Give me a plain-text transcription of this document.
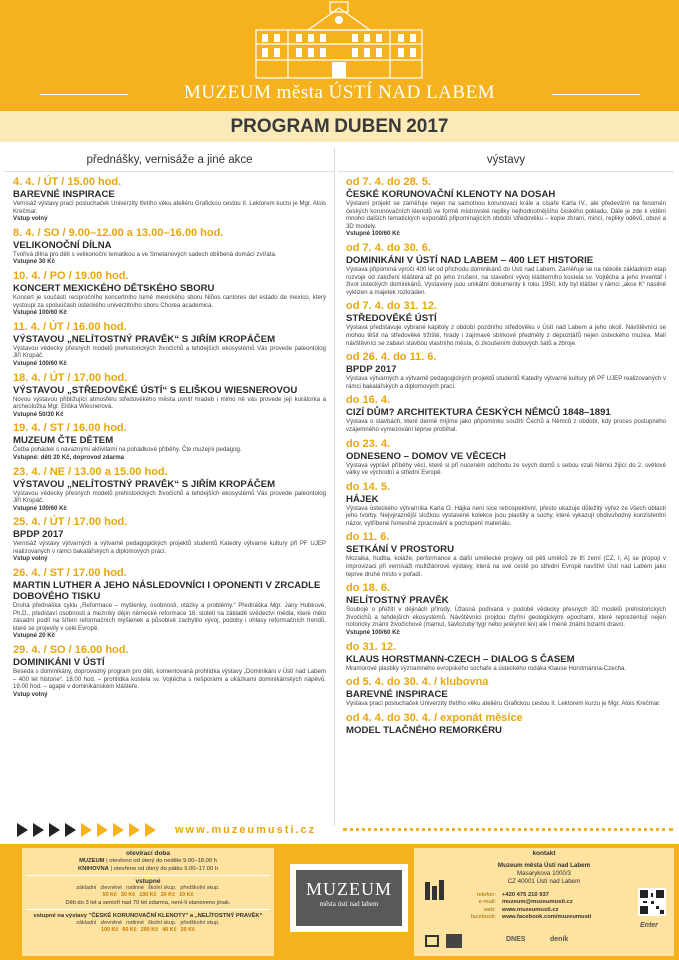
MUZEUM města ÚSTÍ NAD LABEM
PROGRAM DUBEN 2017
přednášky, vernisáže a jiné akce
4. 4. / ÚT / 15.00 hod.
BAREVNÉ INSPIRACE
Vernisáž výstavy prací posluchaček Univerzity třetího věku ateliéru Grafickou cestou II. Lektorem kurzu je Mgr. Alois Krečmar.
Vstup volný
8. 4. / SO / 9.00–12.00 a 13.00–16.00 hod.
VELIKONOČNÍ DÍLNA
Tvořivá dílna pro děti s velikonoční tematikou a ve Smetanových sadech oblíbená domácí zvířata.
Vstupné 30 Kč
10. 4. / PO / 19.00 hod.
KONCERT MEXICKÉHO DĚTSKÉHO SBORU
Koncert je součástí recipročního koncertního turné mexického sboru Niños cantores del estado de mexico, který vystoupí za spoluúčasti ústeckého univerzitního sboru Chorea academica.
Vstupné 100/60 Kč
11. 4. / ÚT / 16.00 hod.
VÝSTAVOU „NELÍTOSTNÝ PRAVĚK“ S JIŘÍM KROPÁČEM
Výstavou vědecky přesných modelů prehistorických živočichů a tehdejších ekosystémů Vás provede paleontolog Jiří Kropáč.
Vstupné 100/60 Kč
18. 4. / ÚT / 17.00 hod.
VÝSTAVOU „STŘEDOVĚKÉ ÚSTÍ“ S ELIŠKOU WIESNEROVOU
Novou výstavou přibližující atmosféru středověkého města uvnitř hradeb i mimo ně vás provede její kurátorka a archeoložka Mgr. Eliška Wiesnerová.
Vstupné 50/30 Kč
19. 4. / ST / 16.00 hod.
MUZEUM ČTE DĚTEM
Četba pohádek s návaznými aktivitami na pohádkové příběhy. Čte muzejní pedagog.
Vstupné: děti 20 Kč, doprovod zdarma
23. 4. / NE / 13.00 a 15.00 hod.
VÝSTAVOU „NELÍTOSTNÝ PRAVĚK“ S JIŘÍM KROPÁČEM
Výstavou vědecky přesných modelů prehistorických živočichů a tehdejších ekosystémů Vás provede paleontolog Jiří Kropáč.
Vstupné 100/60 Kč
25. 4. / ÚT / 17.00 hod.
BPDP 2017
Vernisáž výstavy výtvarných a výtvarně pedagogických projektů studentů Katedry výtvarné kultury při PF UJEP realizovaných v rámci bakalářských a diplomových prací.
Vstup volný
26. 4. / ST / 17.00 hod.
MARTIN LUTHER A JEHO NÁSLEDOVNÍCI I OPONENTI V ZRCADLE DOBOVÉHO TISKU
Druhá přednáška cyklu „Reformace – myšlenky, osobnosti, otázky a problémy.“ Přednáška Mgr. Jany Hubkové, Ph.D., představí osobnosti a mezníky dějin německé reformace 16. století na základě svědectví média, které mělo zásadní podíl na šíření reformačních myšlenek a působivě zachytilo vývoj, podoby i ohlasy reformačních trendů, které se projevily v celé Evropě.
Vstupné 20 Kč
29. 4. / SO / 16.00 hod.
DOMINIKÁNI V ÚSTÍ
Beseda s dominikány, doprovodný program pro děti, komentovaná prohlídka výstavy „Dominikáni v Ústí nad Labem – 400 let historie“. 18.00 hod. – prohlídka kostela sv. Vojtěcha s nešporami a ukázkami dominikánských nápěvů. 19.00 hod. – agapé v dominikánském klášteře.
Vstup volný
výstavy
od 7. 4. do 28. 5.
ČESKÉ KORUNOVAČNÍ KLENOTY NA DOSAH
Výstavní projekt se zaměřuje nejen na samotnou korunovaci krále a císaře Karla IV., ale především na fenomén českých korunovačních klenotů ve formě mistrovské repliky nejhodnotnějšího českého pokladu. Dále je zde k vidění mnoho dalších tematických exponátů připomínajících období středověku – kopie zbraní, mincí, repliky oděvů, obuvi a 3D modely.
Vstupné 100/60 Kč
od 7. 4. do 30. 6.
DOMINIKÁNI V ÚSTÍ NAD LABEM – 400 LET HISTORIE
Výstava připomíná výročí 400 let od příchodu dominikánů do Ústí nad Labem. Zaměřuje se na několik základních etap rozvoje od založení kláštera až po jeho zrušení, na stavební vývoj klášterního kostela sv. Vojtěcha a jeho inventář i život ústeckých dominikánů. Vystaveny jsou unikátní dokumenty k roku 1950, kdy byl klášter v rámci „akce K“ násilně vyklizen a majetek rozkraden.
od 7. 4. do 31. 12.
STŘEDOVĚKÉ ÚSTÍ
Výstava představuje vybrané kapitoly z období pozdního středověku v Ústí nad Labem a jeho okolí. Návštěvníci se mohou těšit na středověké tržiště, hrady i zajímavé sbírkové předměty z depozitářů nejen ústeckého muzea. Malí návštěvníci se zabaví stavbou vlastního města, či zkoušením dobových šatů a zbroje.
od 26. 4. do 11. 6.
BPDP 2017
Výstava výtvarných a výtvarně pedagogických projektů studentů Katedry výtvarné kultury při PF UJEP realizovaných v rámci bakalářských a diplomových prací.
do 16. 4.
CIZÍ DŮM? ARCHITEKTURA ČESKÝCH NĚMCŮ 1848–1891
Výstava o stavbách, které denně míjíme jako připomínku soužití Čechů a Němců z období, kdy proces postupného vzájemného vymezování teprve probíhal.
do 23. 4.
ODNESENO – DOMOV VE VĚCECH
Výstava vypráví příběhy věcí, které si při nuceném odchodu ze svých domů s sebou vzali Němci žijící do 2. světové války ve východní a střední Evropě.
do 14. 5.
HÁJEK
Výstava ústeckého výtvarníka Karla O. Hájka není sice retrospektivní, přesto ukazuje důležitý výřez ze všech oblastí jeho tvorby. Nejvýraznější složkou vystavené kolekce jsou plastiky a sochy, které vykazují obdivuhodný konzistentní názor, vytříbené řemeslné zpracování a pochopení materiálu.
do 11. 6.
SETKÁNÍ V PROSTORU
Mozaika, hudba, koláže, performance a další umělecké projevy od pěti umělců ze tří zemí (CZ, I, A) se propojí v improvizaci při vernisáži multižánrové výstavy, která na své cestě po střední Evropě navštíví Ústí nad Labem jako teprve druhé místo v pořadí.
do 18. 6.
NELÍTOSTNÝ PRAVĚK
Souboje o přežití v dějinách přírody. Úžasná podívaná v podobě vědecky přesných 3D modelů prehistorických živočichů a tehdejších ekosystémů. Návštěvníci projdou čtyřmi geologickými epochami, které reprezentují nejen notoricky známí živočichové (mamut, šavlozubý tygr nebo jeskynní lev) ale i méně známí bizarní dravci.
Vstupné 100/60 Kč
do 31. 12.
KLAUS HORSTMANN-CZECH – DIALOG S ČASEM
Mramorové plastiky významného evropského sochaře a ústeckého rodáka Klause Horstmanna-Czecha.
od 5. 4. do 30. 4. / klubovna
BAREVNÉ INSPIRACE
Výstava prací posluchaček Univerzity třetího věku ateliéru Grafickou cestou II. Lektorem kurzu je Mgr. Alois Krečmar.
od 4. 4. do 30. 4. / exponát měsíce
MODEL TLAČNÉHO REMORKÉRU
www.muzeumusti.cz
otevírací doba
MUZEUM | otevřeno od úterý do neděle 9.00–18.00 h
KNIHOVNA | otevřeno od úterý do pátku 9.00–17.00 h
vstupné
základní zlevněné rodinné školní skup. předškolní skup.
50 Kč 30 Kč 100 Kč 20 Kč 10 Kč
Děti do 3 let a senioři nad 70 let zdarma, není-li stanoveno jinak.
vstupné na výstavy "ČESKÉ KORUNOVAČNÍ KLENOTY" a „NELÍTOSTNÝ PRAVĚK“
základní zlevněné rodinné školní skup. předškolní skup.
100 Kč 60 Kč 200 Kč 40 Kč 20 Kč
MUZEUM
města ústí nad labem
kontakt
Muzeum města Ústí nad Labem
Masarykova 1000/3
CZ 40001 Ústí nad Labem
telefon:
e-mail:
web:
facebook:
+420 475 210 937
muzeum@muzeumusti.cz
www.muzeumusti.cz
www.facebook.com/muzeumusti
DNES	deník
Enter
